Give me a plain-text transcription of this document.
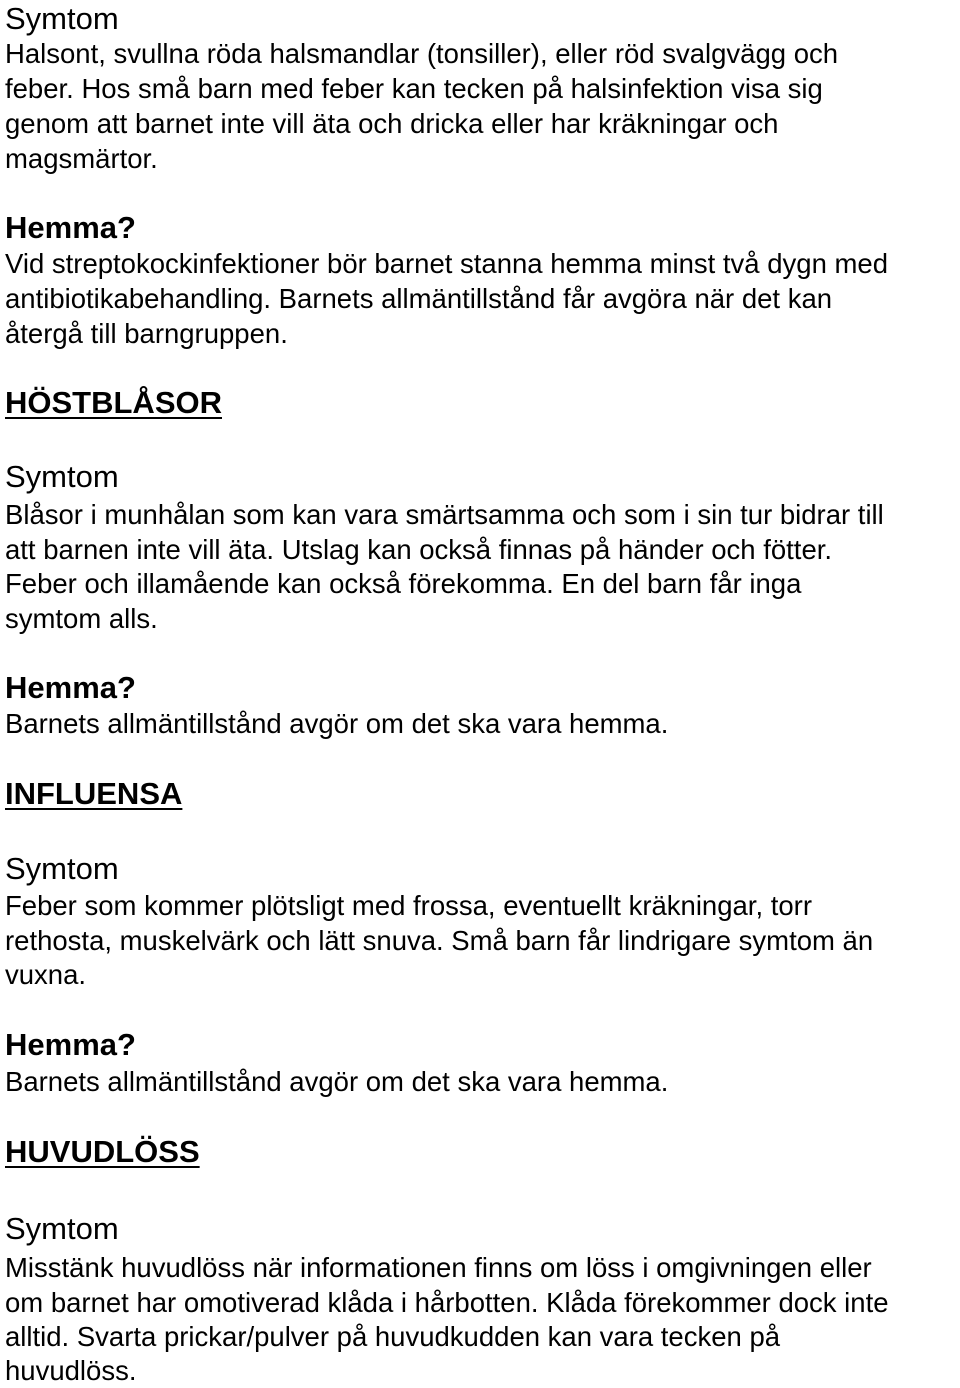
Symtom
Halsont, svullna röda halsmandlar (tonsiller), eller röd svalgvägg och
feber. Hos små barn med feber kan tecken på halsinfektion visa sig
genom att barnet inte vill äta och dricka eller har kräkningar och
magsmärtor.
Hemma?
Vid streptokockinfektioner bör barnet stanna hemma minst två dygn med
antibiotikabehandling. Barnets allmäntillstånd får avgöra när det kan
återgå till barngruppen.
HÖSTBLÅSOR
Symtom
Blåsor i munhålan som kan vara smärtsamma och som i sin tur bidrar till
att barnen inte vill äta. Utslag kan också finnas på händer och fötter.
Feber och illamående kan också förekomma. En del barn får inga
symtom alls.
Hemma?
Barnets allmäntillstånd avgör om det ska vara hemma.
INFLUENSA
Symtom
Feber som kommer plötsligt med frossa, eventuellt kräkningar, torr
rethosta, muskelvärk och lätt snuva. Små barn får lindrigare symtom än
vuxna.
Hemma?
Barnets allmäntillstånd avgör om det ska vara hemma.
HUVUDLÖSS
Symtom
Misstänk huvudlöss när informationen finns om löss i omgivningen eller
om barnet har omotiverad klåda i hårbotten. Klåda förekommer dock inte
alltid. Svarta prickar/pulver på huvudkudden kan vara tecken på
huvudlöss.
